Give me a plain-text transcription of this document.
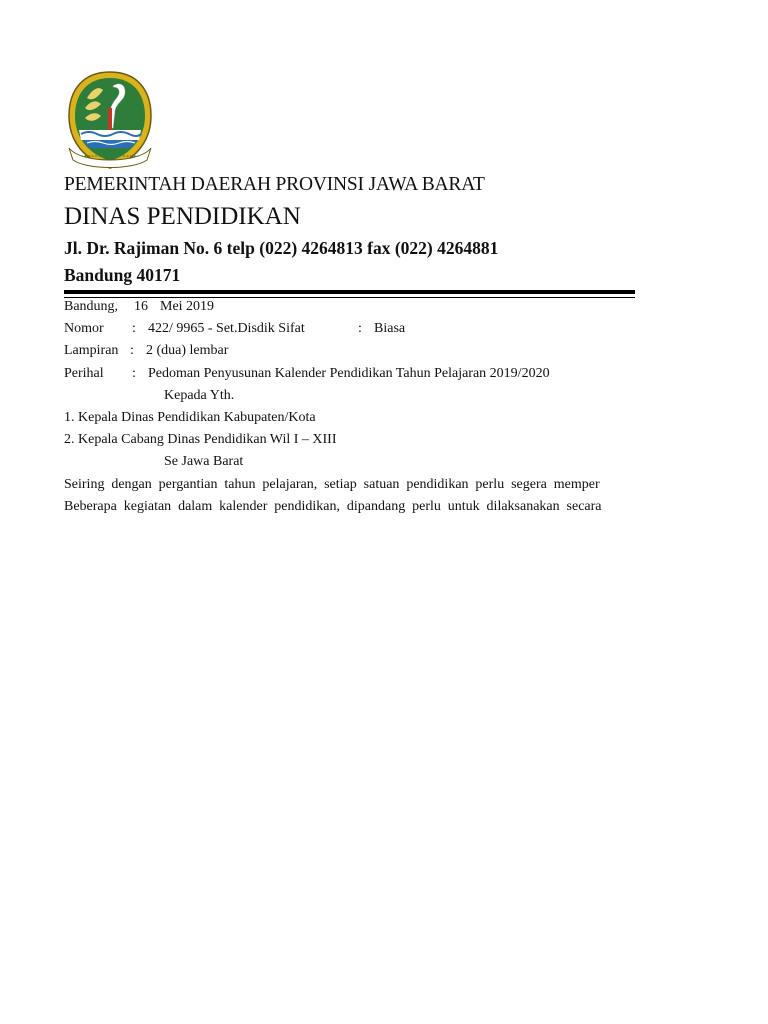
PEMERINTAH DAERAH PROVINSI JAWA BARAT
DINAS PENDIDIKAN
Jl. Dr. Rajiman No. 6 telp (022) 4264813 fax (022) 4264881
Bandung 40171
Bandung, 16 Mei 2019
Nomor : 422/ 9965 - Set.Disdik Sifat	: Biasa
Lampiran : 2 (dua) lembar
Perihal : Pedoman Penyusunan Kalender Pendidikan Tahun Pelajaran 2019/2020
Kepada Yth.
1. Kepala Dinas Pendidikan Kabupaten/Kota
2. Kepala Cabang Dinas Pendidikan Wil I – XIII
Se Jawa Barat
Seiring dengan pergantian tahun pelajaran, setiap satuan pendidikan perlu segera memper
Beberapa kegiatan dalam kalender pendidikan, dipandang perlu untuk dilaksanakan secara
